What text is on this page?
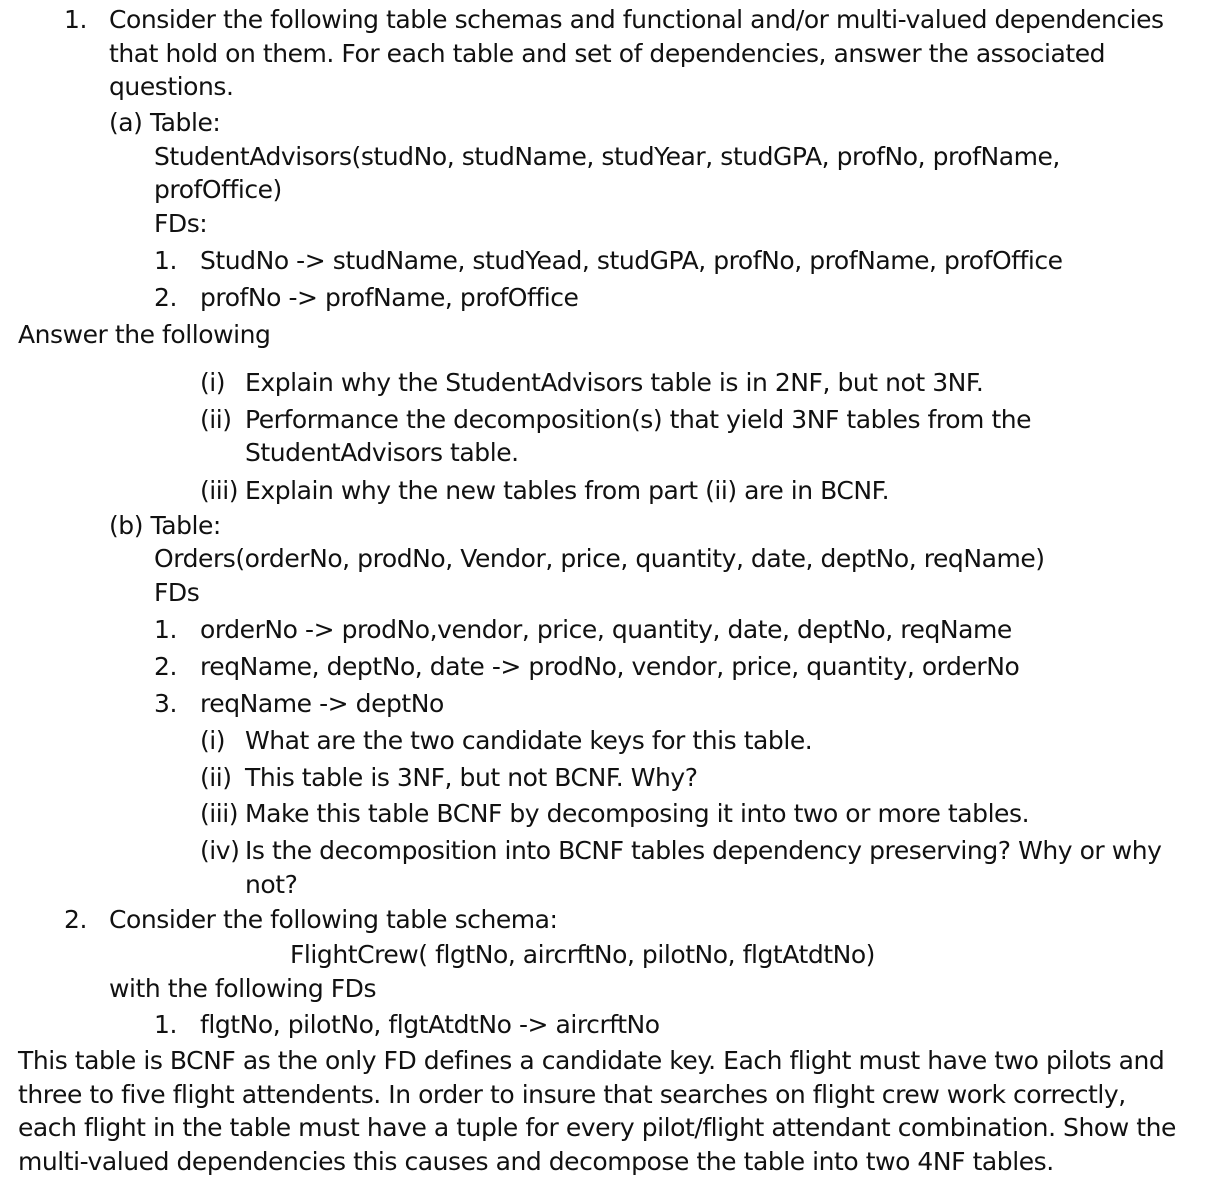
1. Consider the following table schemas and functional and/or multi-valued dependencies
that hold on them. For each table and set of dependencies, answer the associated
questions.
(a) Table:
StudentAdvisors(studNo, studName, studYear, studGPA, profNo, profName,
profOffice)
FDs:
1. StudNo -> studName, studYead, studGPA, profNo, profName, profOffice
2. profNo -> profName, profOffice
Answer the following
(i) Explain why the StudentAdvisors table is in 2NF, but not 3NF.
(ii) Performance the decomposition(s) that yield 3NF tables from the
StudentAdvisors table.
(iii) Explain why the new tables from part (ii) are in BCNF.
(b) Table:
Orders(orderNo, prodNo, Vendor, price, quantity, date, deptNo, reqName)
FDs
1. orderNo -> prodNo,vendor, price, quantity, date, deptNo, reqName
2. reqName, deptNo, date -> prodNo, vendor, price, quantity, orderNo
3. reqName -> deptNo
(i) What are the two candidate keys for this table.
(ii) This table is 3NF, but not BCNF. Why?
(iii) Make this table BCNF by decomposing it into two or more tables.
(iv) Is the decomposition into BCNF tables dependency preserving? Why or why
not?
2. Consider the following table schema:
FlightCrew( flgtNo, aircrftNo, pilotNo, flgtAtdtNo)
with the following FDs
1. flgtNo, pilotNo, flgtAtdtNo -> aircrftNo
This table is BCNF as the only FD defines a candidate key. Each flight must have two pilots and
three to five flight attendents. In order to insure that searches on flight crew work correctly,
each flight in the table must have a tuple for every pilot/flight attendant combination. Show the
multi-valued dependencies this causes and decompose the table into two 4NF tables.
